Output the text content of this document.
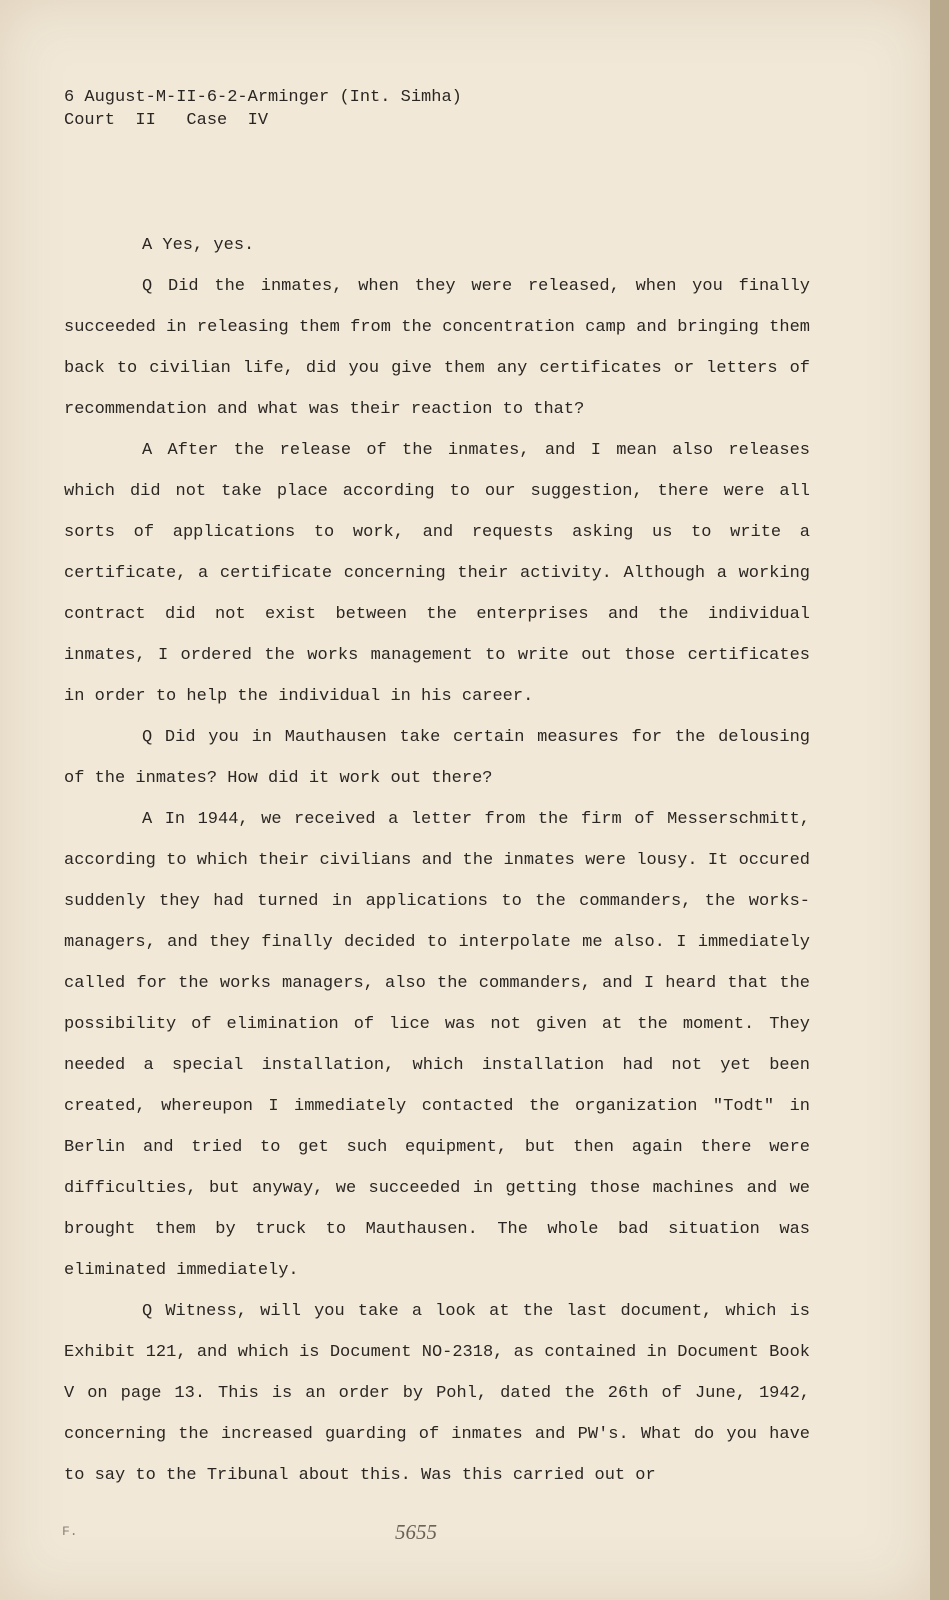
6 August-M-II-6-2-Arminger (Int. Simha)
Court  II   Case  IV

A Yes, yes.

Q Did the inmates, when they were released, when you finally succeeded in releasing them from the concentration camp and bringing them back to civilian life, did you give them any certificates or letters of recommendation and what was their reaction to that?

A After the release of the inmates, and I mean also releases which did not take place according to our suggestion, there were all sorts of applications to work, and requests asking us to write a certificate, a certificate concerning their activity. Although a working contract did not exist between the enterprises and the individual inmates, I ordered the works management to write out those certificates in order to help the individual in his career.

Q Did you in Mauthausen take certain measures for the delousing of the inmates? How did it work out there?

A In 1944, we received a letter from the firm of Messerschmitt, according to which their civilians and the inmates were lousy. It occured suddenly they had turned in applications to the commanders, the works-managers, and they finally decided to interpolate me also. I immediately called for the works managers, also the commanders, and I heard that the possibility of elimination of lice was not given at the moment. They needed a special installation, which installation had not yet been created, whereupon I immediately contacted the organization "Todt" in Berlin and tried to get such equipment, but then again there were difficulties, but anyway, we succeeded in getting those machines and we brought them by truck to Mauthausen. The whole bad situation was eliminated immediately.

Q Witness, will you take a look at the last document, which is Exhibit 121, and which is Document NO-2318, as contained in Document Book V on page 13. This is an order by Pohl, dated the 26th of June, 1942, concerning the increased guarding of inmates and PW's. What do you have to say to the Tribunal about this. Was this carried out or

F.	5655
